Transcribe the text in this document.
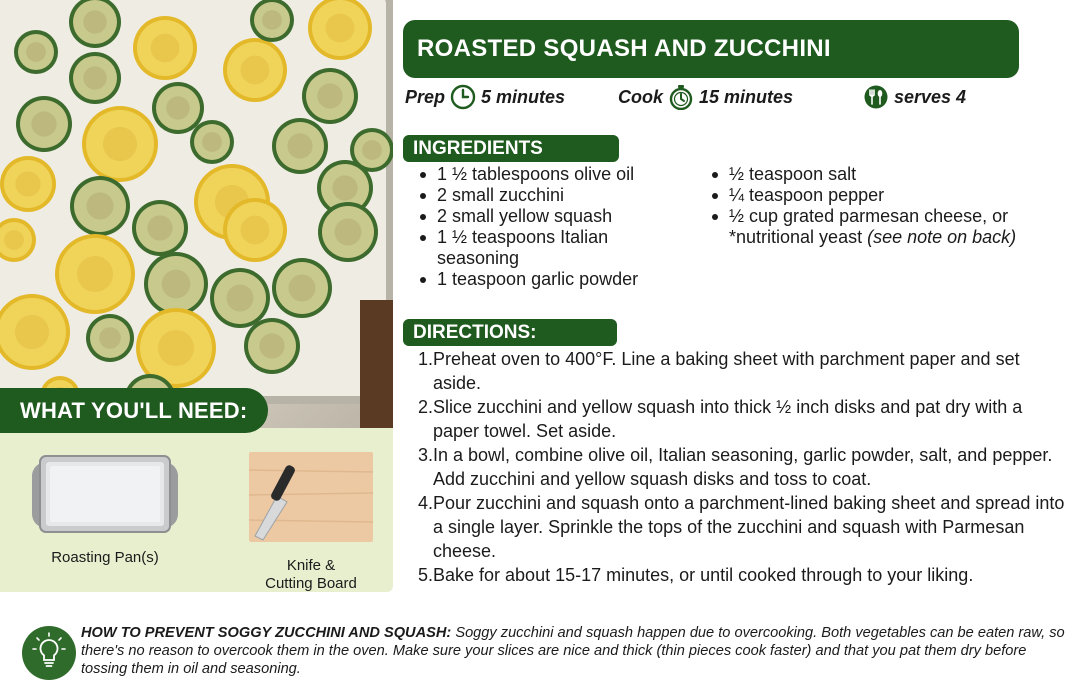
WHAT YOU'LL NEED:
Roasting Pan(s)	Knife &
Cutting Board
ROASTED SQUASH AND ZUCCHINI
Prep 5 minutes	Cook 15 minutes	serves 4
INGREDIENTS
1 ½ tablespoons olive oil
2 small zucchini
2 small yellow squash
1 ½ teaspoons Italian seasoning
1 teaspoon garlic powder
½ teaspoon salt
¼ teaspoon pepper
½ cup grated parmesan cheese, or *nutritional yeast (see note on back)
DIRECTIONS:
1. Preheat oven to 400°F. Line a baking sheet with parchment paper and set aside.
2. Slice zucchini and yellow squash into thick ½ inch disks and pat dry with a paper towel. Set aside.
3. In a bowl, combine olive oil, Italian seasoning, garlic powder, salt, and pepper. Add zucchini and yellow squash disks and toss to coat.
4. Pour zucchini and squash onto a parchment-lined baking sheet and spread into a single layer. Sprinkle the tops of the zucchini and squash with Parmesan cheese.
5. Bake for about 15-17 minutes, or until cooked through to your liking.

HOW TO PREVENT SOGGY ZUCCHINI AND SQUASH: Soggy zucchini and squash happen due to overcooking. Both vegetables can be eaten raw, so there's no reason to overcook them in the oven. Make sure your slices are nice and thick (thin pieces cook faster) and that you pat them dry before tossing them in oil and seasoning.
